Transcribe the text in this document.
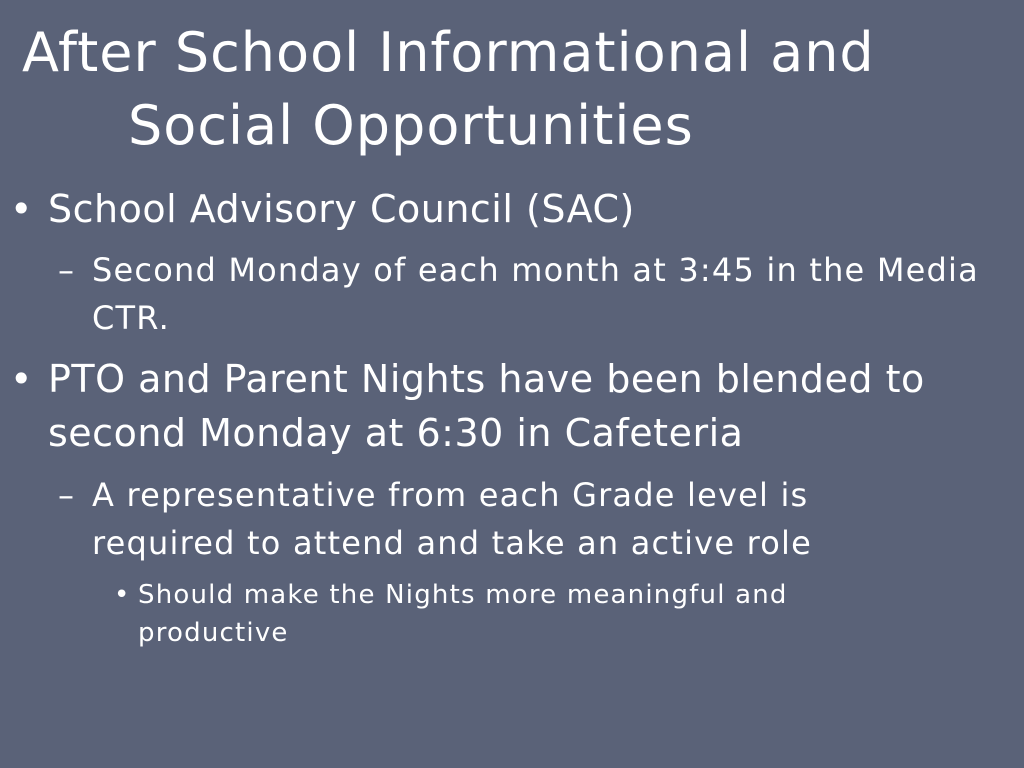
After School Informational and
Social Opportunities
• School Advisory Council (SAC)
– Second Monday of each month at 3:45 in the Media CTR.
• PTO and Parent Nights have been blended to second Monday at 6:30 in Cafeteria
– A representative from each Grade level is required to attend and take an active role
• Should make the Nights more meaningful and productive
